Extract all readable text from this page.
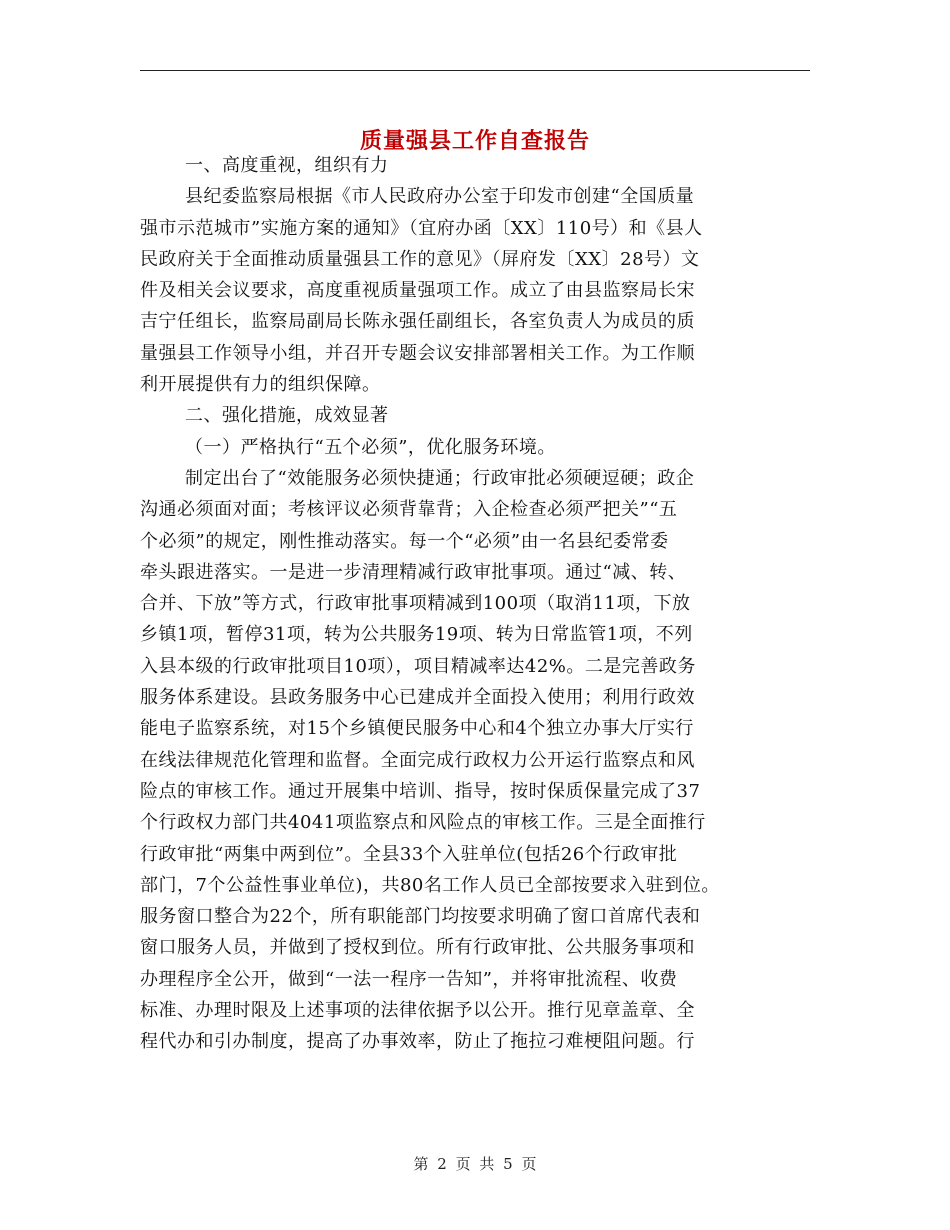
质量强县工作自查报告
一、高度重视，组织有力
县纪委监察局根据《市人民政府办公室于印发市创建“全国质量
强市示范城市”实施方案的通知》（宜府办函〔XX〕110号）和《县人
民政府关于全面推动质量强县工作的意见》（屏府发〔XX〕28号）文
件及相关会议要求，高度重视质量强项工作。成立了由县监察局长宋
吉宁任组长，监察局副局长陈永强任副组长，各室负责人为成员的质
量强县工作领导小组，并召开专题会议安排部署相关工作。为工作顺
利开展提供有力的组织保障。
二、强化措施，成效显著
（一）严格执行“五个必须”，优化服务环境。
制定出台了“效能服务必须快捷通；行政审批必须硬逗硬；政企
沟通必须面对面；考核评议必须背靠背；入企检查必须严把关”“五
个必须”的规定，刚性推动落实。每一个“必须”由一名县纪委常委
牵头跟进落实。一是进一步清理精减行政审批事项。通过“减、转、
合并、下放”等方式，行政审批事项精减到100项（取消11项，下放
乡镇1项，暂停31项，转为公共服务19项、转为日常监管1项，不列
入县本级的行政审批项目10项），项目精减率达42%。二是完善政务
服务体系建设。县政务服务中心已建成并全面投入使用；利用行政效
能电子监察系统，对15个乡镇便民服务中心和4个独立办事大厅实行
在线法律规范化管理和监督。全面完成行政权力公开运行监察点和风
险点的审核工作。通过开展集中培训、指导，按时保质保量完成了37
个行政权力部门共4041项监察点和风险点的审核工作。三是全面推行
行政审批“两集中两到位”。全县33个入驻单位(包括26个行政审批
部门，7个公益性事业单位)，共80名工作人员已全部按要求入驻到位。
服务窗口整合为22个，所有职能部门均按要求明确了窗口首席代表和
窗口服务人员，并做到了授权到位。所有行政审批、公共服务事项和
办理程序全公开，做到“一法一程序一告知”，并将审批流程、收费
标准、办理时限及上述事项的法律依据予以公开。推行见章盖章、全
程代办和引办制度，提高了办事效率，防止了拖拉刁难梗阻问题。行
第 2 页 共 5 页
